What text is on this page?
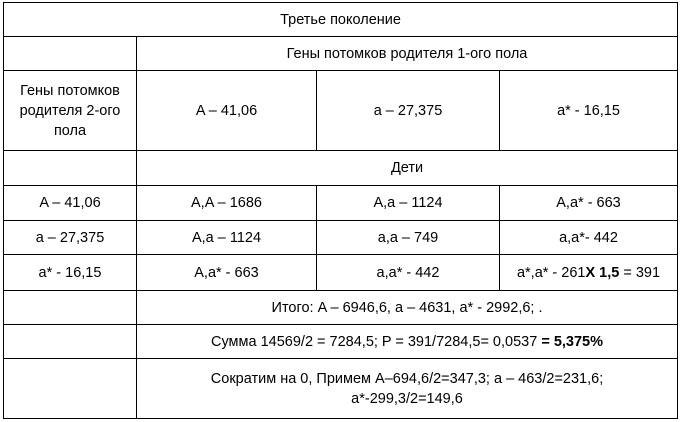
Третье поколение			
	Гены потомков родителя 1-ого пола		
Гены потомков родителя 2-ого пола	A – 41,06	a – 27,375	a* - 16,15
	Дети		
A – 41,06	A,A – 1686	A,a – 1124	A,a* - 663
a – 27,375	A,a – 1124	a,a – 749	a,a*- 442
a* - 16,15	A,a* - 663	a,a* - 442	a*,a* - 261X 1,5 = 391
	Итого: A – 6946,6, a – 4631, a* - 2992,6; .		
	Сумма 14569/2 = 7284,5; P = 391/7284,5= 0,0537 = 5,375%		
	Сократим на 0, Примем A–694,6/2=347,3; a – 463/2=231,6; a*-299,3/2=149,6		
